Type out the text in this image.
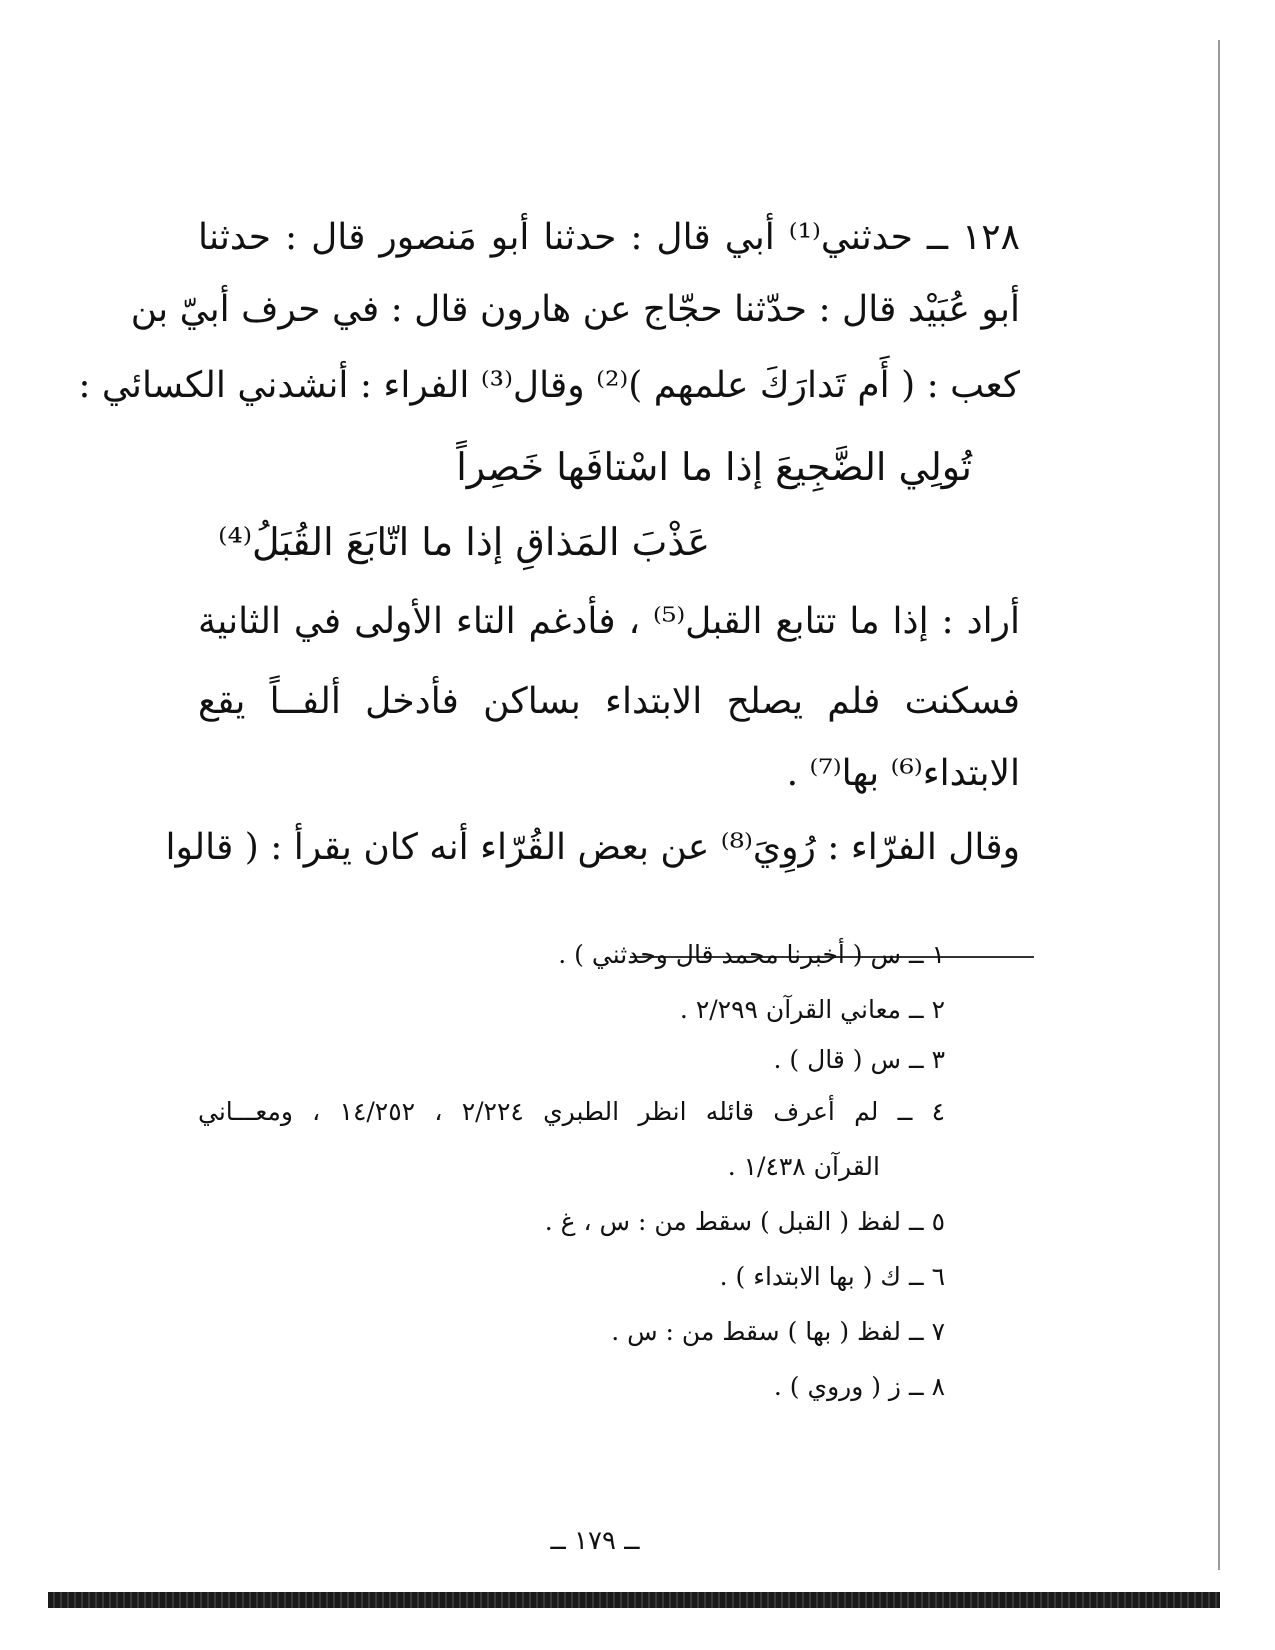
١٢٨ ــ حدثني⁽¹⁾ أبي قال : حدثنا أبو مَنصور قال : حدثنا
أبو عُبَيْد قال : حدّثنا حجّاج عن هارون قال : في حرف أبيّ بن
كعب : ( أَم تَدارَكَ علمهم )⁽²⁾ وقال⁽³⁾ الفراء : أنشدني الكسائي :
تُولِي الضَّجِيعَ إذا ما اسْتافَها خَصِراً
عَذْبَ المَذاقِ إذا ما اتّابَعَ القُبَلُ⁽⁴⁾
أراد : إذا ما تتابع القبل⁽⁵⁾ ، فأدغم التاء الأولى في الثانية
فسكنت فلم يصلح الابتداء بساكن فأدخل ألفــاً يقع
الابتداء⁽⁶⁾ بها⁽⁷⁾ .
وقال الفرّاء : رُوِيَ⁽⁸⁾ عن بعض القُرّاء أنه كان يقرأ : ( قالوا
١ ــ س ( أخبرنا محمد قال وحدثني ) .
٢ ــ معاني القرآن ٢/٢٩٩ .
٣ ــ س ( قال ) .
٤ ــ لم أعرف قائله انظر الطبري ٢/٢٢٤ ، ١٤/٢٥٢ ، ومعـــاني
القرآن ١/٤٣٨ .
٥ ــ لفظ ( القبل ) سقط من : س ، غ .
٦ ــ ك ( بها الابتداء ) .
٧ ــ لفظ ( بها ) سقط من : س .
٨ ــ ز ( وروي ) .
ــ ١٧٩ ــ
